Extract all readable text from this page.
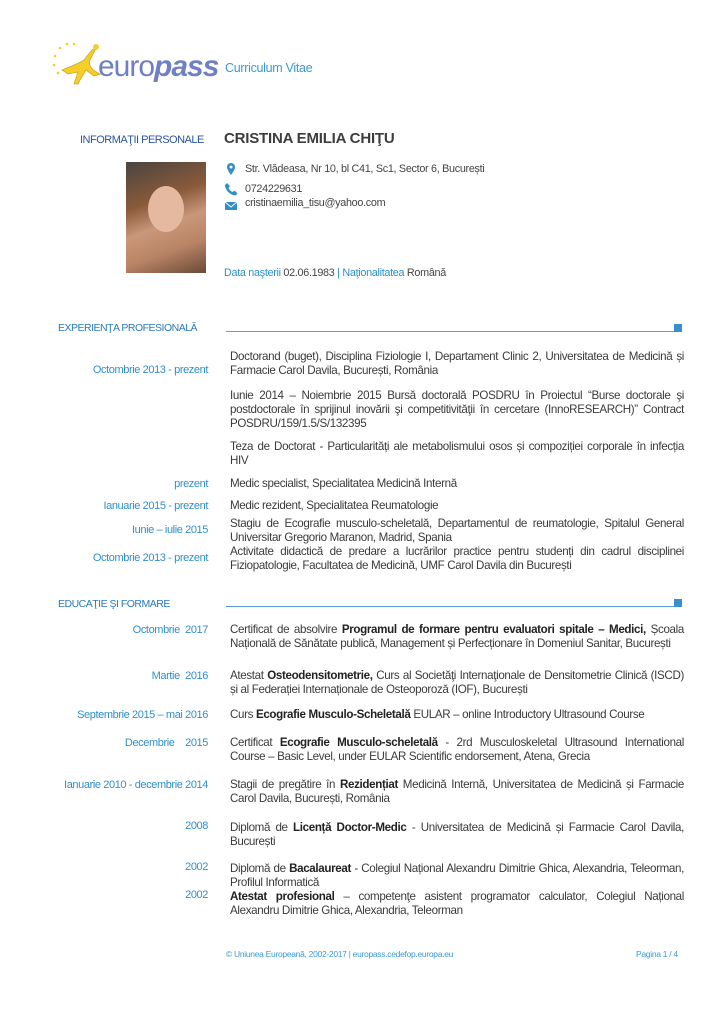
euro pass Curriculum Vitae
INFORMAŢII PERSONALE CRISTINA EMILIA CHIŢU
Str. Vlădeasa, Nr 10, bl C41, Sc1, Sector 6, București
0724229631
cristinaemilia_tisu@yahoo.com
Data naşterii 02.06.1983 | Naţionalitatea Română
EXPERIENŢA PROFESIONALĂ
Octombrie 2013 - prezent
Doctorand (buget), Disciplina Fiziologie I, Departament Clinic 2, Universitatea de Medicină și Farmacie Carol Davila, București, România
Iunie 2014 – Noiembrie 2015 Bursă doctorală POSDRU în Proiectul “Burse doctorale şi postdoctorale în sprijinul inovării şi competitivităţii în cercetare (InnoRESEARCH)” Contract POSDRU/159/1.5/S/132395
Teza de Doctorat - Particularități ale metabolismului osos și compoziției corporale în infecția HIV
prezent Medic specialist, Specialitatea Medicină Internă
Ianuarie 2015 - prezent Medic rezident, Specialitatea Reumatologie
Iunie – iulie 2015 Stagiu de Ecografie musculo-scheletală, Departamentul de reumatologie, Spitalul General Universitar Gregorio Maranon, Madrid, Spania
Octombrie 2013 - prezent Activitate didactică de predare a lucrărilor practice pentru studenți din cadrul disciplinei Fiziopatologie, Facultatea de Medicină, UMF Carol Davila din București
EDUCAŢIE ŞI FORMARE
Octombrie  2017 Certificat de absolvire Programul de formare pentru evaluatori spitale – Medici, Școala Națională de Sănătate publică, Management și Perfecționare în Domeniul Sanitar, București
Martie  2016 Atestat Osteodensitometrie, Curs al Societăţi Internaţionale de Densitometrie Clinică (ISCD) și al Federației Internaționale de Osteoporoză (IOF), București
Septembrie 2015 – mai 2016 Curs Ecografie Musculo-Scheletală EULAR – online Introductory Ultrasound Course
Decembrie    2015 Certificat Ecografie Musculo-scheletală - 2rd Musculoskeletal Ultrasound International Course – Basic Level, under EULAR Scientific endorsement, Atena, Grecia
Ianuarie 2010 - decembrie 2014 Stagii de pregătire în Rezidențiat Medicină Internă, Universitatea de Medicină și Farmacie Carol Davila, București, România
2008 Diplomă de Licență Doctor-Medic - Universitatea de Medicină și Farmacie Carol Davila, București
2002 Diplomă de Bacalaureat - Colegiul Național Alexandru Dimitrie Ghica, Alexandria, Teleorman, Profilul Informatică
2002 Atestat profesional – competenţe asistent programator calculator, Colegiul Național Alexandru Dimitrie Ghica, Alexandria, Teleorman
© Uniunea Europeană, 2002-2017 | europass.cedefop.europa.eu	Pagina 1 / 4
